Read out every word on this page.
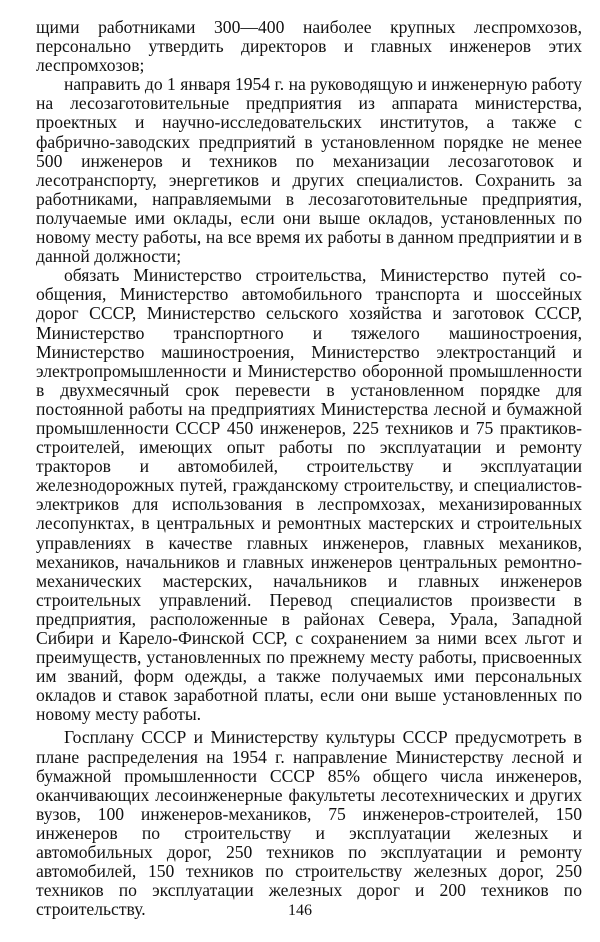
щими работниками 300—400 наиболее крупных леспромхозов, персонально утвердить директоров и главных инженеров этих леспромхозов;

направить до 1 января 1954 г. на руководящую и инженерную работу на лесозаготовительные предприятия из аппарата министерства, проектных и научно-исследовательских институтов, а также с фабрично-заводских предприятий в установленном порядке не менее 500 инженеров и техников по механизации лесозаготовок и лесотранспорту, энергетиков и других специалистов. Сохранить за работниками, направляемыми в лесозаготовительные предприятия, получаемые ими оклады, если они выше окладов, установленных по новому месту работы, на все время их работы в данном предприятии и в данной должности;

обязать Министерство строительства, Министерство путей сообщения, Министерство автомобильного транспорта и шоссейных дорог СССР, Министерство сельского хозяйства и заготовок СССР, Министерство транспортного и тяжелого машиностроения, Министерство машиностроения, Министерство электростанций и электропромышленности и Министерство оборонной промышленности в двухмесячный срок перевести в установленном порядке для постоянной работы на предприятиях Министерства лесной и бумажной промышленности СССР 450 инженеров, 225 техников и 75 практиков-строителей, имеющих опыт работы по эксплуатации и ремонту тракторов и автомобилей, строительству и эксплуатации железнодорожных путей, гражданскому строительству, и специалистов-электриков для использования в леспромхозах, механизированных лесопунктах, в центральных и ремонтных мастерских и строительных управлениях в качестве главных инженеров, главных механиков, механиков, начальников и главных инженеров центральных ремонтно-механических мастерских, начальников и главных инженеров строительных управлений. Перевод специалистов произвести в предприятия, расположенные в районах Севера, Урала, Западной Сибири и Карело-Финской ССР, с сохранением за ними всех льгот и преимуществ, установленных по прежнему месту работы, присвоенных им званий, форм одежды, а также получаемых ими персональных окладов и ставок заработной платы, если они выше установленных по новому месту работы.

Госплану СССР и Министерству культуры СССР предусмотреть в плане распределения на 1954 г. направление Министерству лесной и бумажной промышленности СССР 85% общего числа инженеров, оканчивающих лесоинженерные факультеты лесотехнических и других вузов, 100 инженеров-механиков, 75 инженеров-строителей, 150 инженеров по строительству и эксплуатации железных и автомобильных дорог, 250 техников по эксплуатации и ремонту автомобилей, 150 техников по строительству железных дорог, 250 техников по эксплуатации железных дорог и 200 техников по строительству.	146
